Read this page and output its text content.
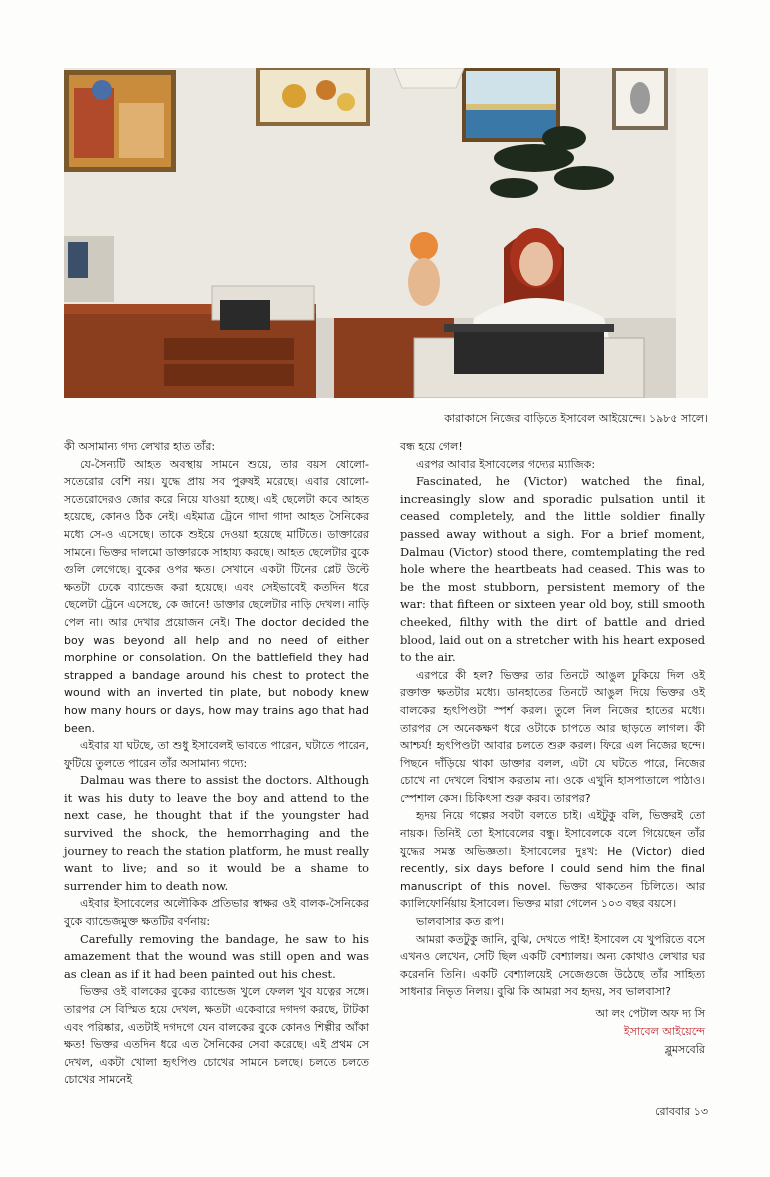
কারাকাসে নিজের বাড়িতে ইসাবেল আইয়েন্দে। ১৯৮৫ সালে।

কী অসামান্য গদ্য লেখার হাত তাঁর:

যে-সৈন্যটি আহত অবস্থায় সামনে শুয়ে, তার বয়স ষোলো-সতেরোর বেশি নয়। যুদ্ধে প্রায় সব পুরুষই মরেছে। এবার ষোলো-সতেরোদেরও জোর করে নিয়ে যাওয়া হচ্ছে। এই ছেলেটা কবে আহত হয়েছে, কোনও ঠিক নেই। এইমাত্র ট্রেনে গাদা গাদা আহত সৈনিকের মধ্যে সে-ও এসেছে। তাকে শুইয়ে দেওয়া হয়েছে মাটিতে। ডাক্তারের সামনে। ভিক্তর দালমো ডাক্তারকে সাহায্য করছে। আহত ছেলেটার বুকে গুলি লেগেছে। বুকের ওপর ক্ষত। সেখানে একটা টিনের প্লেট উল্টে ক্ষতটা ঢেকে ব্যান্ডেজ করা হয়েছে। এবং সেইভাবেই কতদিন ধরে ছেলেটা ট্রেনে এসেছে, কে জানে! ডাক্তার ছেলেটার নাড়ি দেখল। নাড়ি পেল না। আর দেখার প্রয়োজন নেই। The doctor decided the boy was beyond all help and no need of either morphine or consolation. On the battlefield they had strapped a bandage around his chest to protect the wound with an inverted tin plate, but nobody knew how many hours or days, how may trains ago that had been.

এইবার যা ঘটছে, তা শুধু ইসাবেলই ভাবতে পারেন, ঘটাতে পারেন, ফুটিয়ে তুলতে পারেন তাঁর অসামান্য গদ্যে:

Dalmau was there to assist the doctors. Although it was his duty to leave the boy and attend to the next case, he thought that if the youngster had survived the shock, the hemorrhaging and the journey to reach the station platform, he must really want to live; and so it would be a shame to surrender him to death now.

এইবার ইসাবেলের অলৌকিক প্রতিভার স্বাক্ষর ওই বালক-সৈনিকের বুকে ব্যান্ডেজমুক্ত ক্ষতটির বর্ণনায়:

Carefully removing the bandage, he saw to his amazement that the wound was still open and was as clean as if it had been painted out his chest.

ভিক্তর ওই বালকের বুকের ব্যান্ডেজ খুলে ফেলল খুব যত্নের সঙ্গে। তারপর সে বিস্মিত হয়ে দেখল, ক্ষতটা একেবারে দগদগ করছে, টাটকা এবং পরিষ্কার, এতটাই দগদগে যেন বালকের বুকে কোনও শিল্পীর আঁকা ক্ষত! ভিক্তর এতদিন ধরে এত সৈনিকের সেবা করেছে। এই প্রথম সে দেখল, একটা খোলা হৃৎপিণ্ড চোখের সামনে চলছে। চলতে চলতে চোখের সামনেই

বন্ধ হয়ে গেল!

এরপর আবার ইসাবেলের গদ্যের ম্যাজিক:

Fascinated, he (Victor) watched the final, increasingly slow and sporadic pulsation until it ceased completely, and the little soldier finally passed away without a sigh. For a brief moment, Dalmau (Victor) stood there, comtemplating the red hole where the heartbeats had ceased. This was to be the most stubborn, persistent memory of the war: that fifteen or sixteen year old boy, still smooth cheeked, filthy with the dirt of battle and dried blood, laid out on a stretcher with his heart exposed to the air.

এরপরে কী হল? ভিক্তর তার তিনটে আঙুল ঢুকিয়ে দিল ওই রক্তাক্ত ক্ষতটার মধ্যে। ডানহাতের তিনটে আঙুল দিয়ে ভিক্তর ওই বালকের হৃৎপিণ্ডটা স্পর্শ করল। তুলে নিল নিজের হাতের মধ্যে। তারপর সে অনেকক্ষণ ধরে ওটাকে চাপতে আর ছাড়তে লাগল। কী আশ্চর্য! হৃৎপিণ্ডটা আবার চলতে শুরু করল। ফিরে এল নিজের ছন্দে। পিছনে দাঁড়িয়ে থাকা ডাক্তার বলল, এটা যে ঘটতে পারে, নিজের চোখে না দেখলে বিশ্বাস করতাম না। ওকে এখুনি হাসপাতালে পাঠাও। স্পেশাল কেস। চিকিৎসা শুরু করব। তারপর?

হৃদয় নিয়ে গল্পের সবটা বলতে চাই। এইটুকু বলি, ভিক্তরই তো নায়ক। তিনিই তো ইসাবেলের বন্ধু। ইসাবেলকে বলে গিয়েছেন তাঁর যুদ্ধের সমস্ত অভিজ্ঞতা। ইসাবেলের দুঃখ: He (Victor) died recently, six days before I could send him the final manuscript of this novel. ভিক্তর থাকতেন চিলিতে। আর ক্যালিফোর্নিয়ায় ইসাবেল। ভিক্তর মারা গেলেন ১০৩ বছর বয়সে।

ভালবাসার কত রূপ।

আমরা কতটুকু জানি, বুঝি, দেখতে পাই! ইসাবেল যে খুপরিতে বসে এখনও লেখেন, সেটি ছিল একটি বেশ্যালয়। অন্য কোথাও লেখার ঘর করেননি তিনি। একটি বেশ্যালয়েই সেজেগুজে উঠেছে তাঁর সাহিত্য সাধনার নিভৃত নিলয়। বুঝি কি আমরা সব হৃদয়, সব ভালবাসা?

আ লং পেটাল অফ দ্য সি
ইসাবেল আইয়েন্দে
ব্লুমসবেরি
রোববার ১৩
